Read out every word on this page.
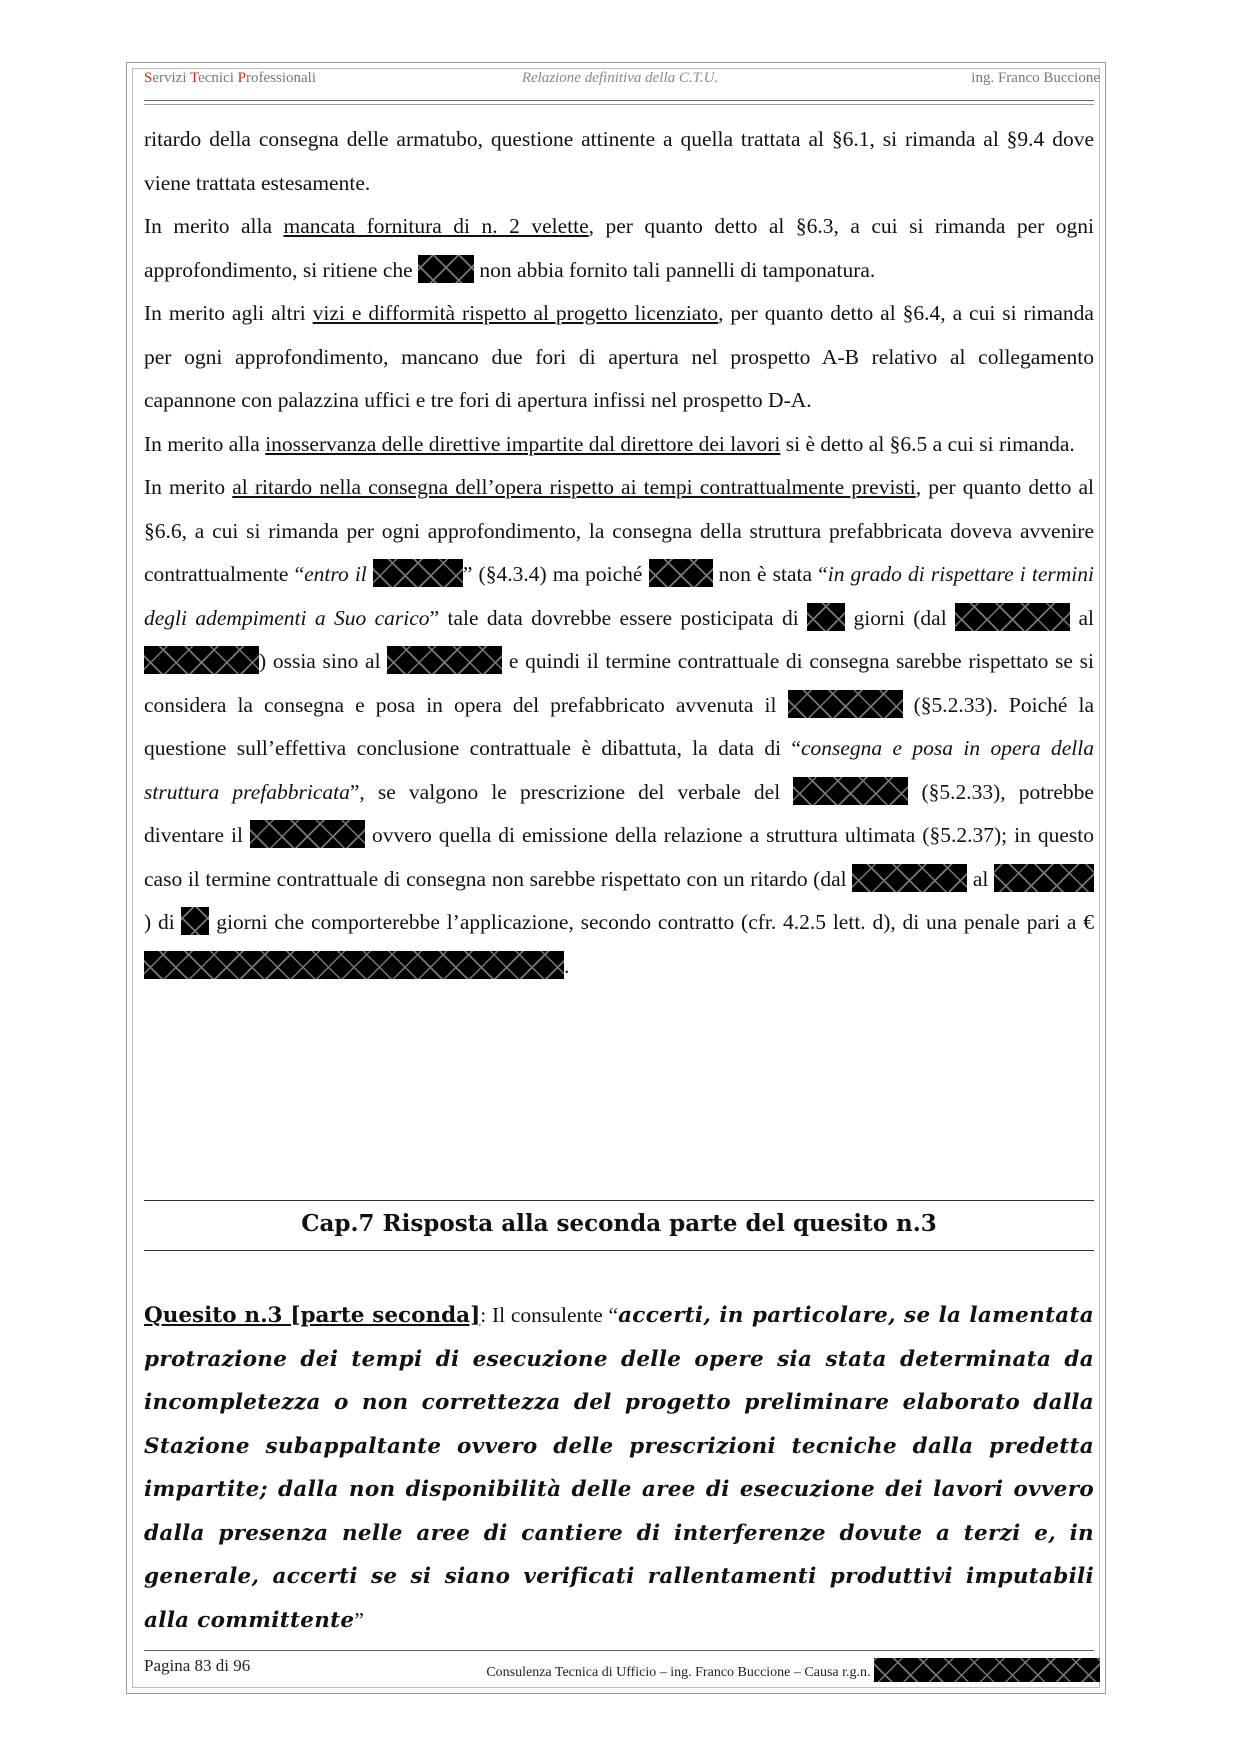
Servizi Tecnici Professionali	Relazione definitiva della C.T.U.	ing. Franco Buccione

ritardo della consegna delle armatubo, questione attinente a quella trattata al §6.1, si rimanda al §9.4 dove viene trattata estesamente.

In merito alla mancata fornitura di n. 2 velette, per quanto detto al §6.3, a cui si rimanda per ogni approfondimento, si ritiene che	non abbia fornito tali pannelli di tamponatura.

In merito agli altri vizi e difformità rispetto al progetto licenziato, per quanto detto al §6.4, a cui si rimanda per ogni approfondimento, mancano due fori di apertura nel prospetto A-B relativo al collegamento capannone con palazzina uffici e tre fori di apertura infissi nel prospetto D-A.

In merito alla inosservanza delle direttive impartite dal direttore dei lavori si è detto al §6.5 a cui si rimanda.

In merito al ritardo nella consegna dell’opera rispetto ai tempi contrattualmente previsti, per quanto detto al §6.6, a cui si rimanda per ogni approfondimento, la consegna della struttura prefabbricata doveva avvenire contrattualmente “entro il	” (§4.3.4) ma poiché	non è stata “in grado di rispettare i termini degli adempimenti a Suo carico” tale data dovrebbe essere posticipata di  giorni (dal	al ) ossia sino al	e quindi il termine contrattuale di consegna sarebbe rispettato se si considera la consegna e posa in opera del prefabbricato avvenuta il	(§5.2.33). Poiché la questione sull’effettiva conclusione contrattuale è dibattuta, la data di “consegna e posa in opera della struttura prefabbricata”, se valgono le prescrizione del verbale del	(§5.2.33), potrebbe diventare il	ovvero quella di emissione della relazione a struttura ultimata (§5.2.37); in questo caso il termine contrattuale di consegna non sarebbe rispettato con un ritardo (dal	al ) di  giorni che comporterebbe l’applicazione, secondo contratto (cfr. 4.2.5 lett. d), di una penale pari a € .

Cap.7 Risposta alla seconda parte del quesito n.3
Quesito n.3 [parte seconda]: Il consulente “accerti, in particolare, se la lamentata protrazione dei tempi di esecuzione delle opere sia stata determinata da incompletezza o non correttezza del progetto preliminare elaborato dalla Stazione subappaltante ovvero delle prescrizioni tecniche dalla predetta impartite; dalla non disponibilità delle aree di esecuzione dei lavori ovvero dalla presenza nelle aree di cantiere di interferenze dovute a terzi e, in generale, accerti se si siano verificati rallentamenti produttivi imputabili alla committente”
Pagina 83 di 96	Consulenza Tecnica di Ufficio – ing. Franco Buccione – Causa r.g.n.
